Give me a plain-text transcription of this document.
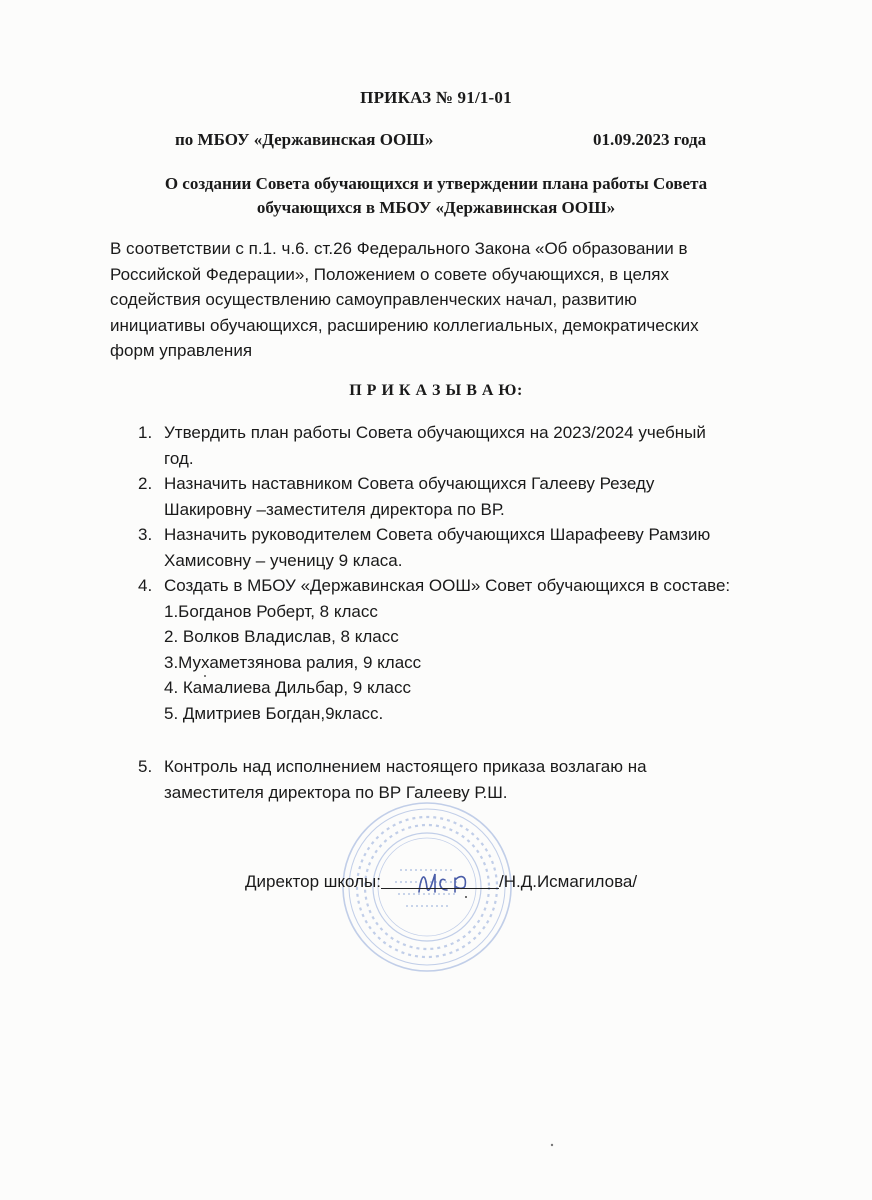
ПРИКАЗ № 91/1-01
по МБОУ «Державинская ООШ»	01.09.2023 года
О создании Совета обучающихся и утверждении плана работы Совета
обучающихся в МБОУ «Державинская ООШ»
В соответствии с п.1. ч.6. ст.26 Федерального Закона «Об образовании в
Российской Федерации», Положением о совете обучающихся, в целях
содействия осуществлению самоуправленческих начал, развитию
инициативы обучающихся, расширению коллегиальных, демократических
форм управления
П Р И К А З Ы В А Ю:
1. Утвердить план работы Совета обучающихся на 2023/2024 учебный
год.
2. Назначить наставником Совета обучающихся Галееву Резеду
Шакировну –заместителя директора по ВР.
3. Назначить руководителем Совета обучающихся Шарафееву Рамзию
Хамисовну – ученицу 9 класа.
4. Создать в МБОУ «Державинская ООШ» Совет обучающихся в составе:
1.Богданов Роберт, 8 класс
2. Волков Владислав, 8 класс
3.Мухаметзянова ралия, 9 класс
4. Камалиева Дильбар, 9 класс
5. Дмитриев Богдан,9класс.
5. Контроль над исполнением настоящего приказа возлагаю на
заместителя директора по ВР Галееву Р.Ш.
Директор школы:	/Н.Д.Исмагилова/
